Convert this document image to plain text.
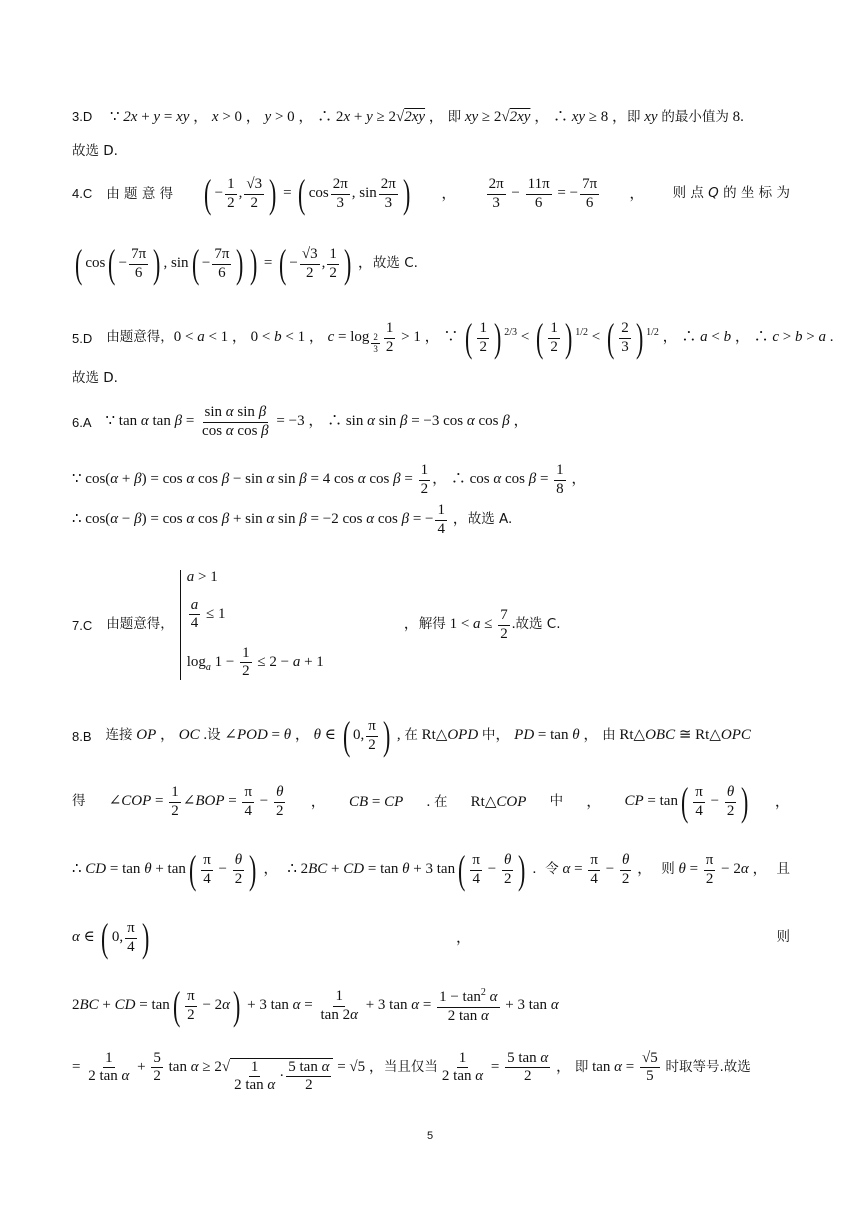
3.D ∵ 2x + y = xy ， x > 0 ， y > 0 ， ∴ 2x + y ≥ 2√2xy ， 即 xy ≥ 2√2xy ， ∴ xy ≥ 8 ，即 xy 的最小值为 8.
故选 D.
4.C 由 题 意 得 ( − $\frac{1}{2}$ , $\frac{√3}{2}$ ) = ( $\cos \frac{2\pi}{3}$ , $\sin \frac{2\pi}{3}$ ) ， $\frac{2\pi}{3} - \frac{11\pi}{6}$ = − $\frac{7\pi}{6}$ ， 则 点 Q 的 坐 标 为
( $\cos( - \frac{7\pi}{6}$ ) , $\sin( - \frac{7\pi}{6}$ ) ) = ( − $\frac{√3}{2}$ , $\frac{1}{2}$ ) ，故选 C.
5.D 由题意得，0 < a < 1 ， 0 < b < 1 ， $c = \log _{\frac{2}{3}} \frac{1}{2} > 1$ ， ∵ ( $\frac{1}{2}$ ) $^{2/3}$ < ( $\frac{1}{2}$ ) $^{1/2}$ < ( $\frac{2}{3}$ ) $^{1/2}$ ， ∴ a < b ， ∴ c > b > a .
故选 D.
6.A ∵ tan α $\tan \beta = \frac{\text{sin α sin β}}{\text{cos α cos β}} = -3$ ， ∴ sin α sin β = −3 cos α cos β ，
∵ cos(α + β) = cos α cos β − sin α sin β = 4 cos α $\cos \beta = \frac{1}{2}$ ， ∴ cos α $\cos \beta = \frac{1}{8}$ ，
∴ cos(α − β) = cos α cos β + sin α sin β = −2 cos α cos β = − $\frac{1}{4}$ ，故选 A.
7.C 由题意得，
a > 1
$\frac{a}{4} \le 1$
$\log_a 1 - \frac{1}{2} \le 2 - a + 1$
，解得 $1 < a \le \frac{7}{2}$ .故选 C.
8.B 连接 OP ， OC .设 ∠POD = θ ， θ ∈ ( 0, $\frac{\pi}{2}$ ) , 在 Rt△OPD 中， PD = tan θ ， 由 Rt△OBC ≅ Rt△OPC
得 ∠COP = $\frac{1}{2}$ ∠BOP = $\frac{\pi}{4} - \frac{\theta}{2}$ ， CB = CP . 在 Rt△COP 中 ， CP = $\tan( \frac{\pi}{4} - \frac{\theta}{2}$ ) ，
∴ CD = $\tan \theta + \tan( \frac{\pi}{4} - \frac{\theta}{2}$ ) ， ∴ 2BC + CD = tan θ + 3 $\tan( \frac{\pi}{4} - \frac{\theta}{2}$ ) . 令 $\alpha = \frac{\pi}{4} - \frac{\theta}{2}$ ， 则 $\theta = \frac{\pi}{2} - 2\alpha$ ， 且
α ∈ ( 0, $\frac{\pi}{4}$ )	，	则
2BC + CD = $\tan( \frac{\pi}{2} - 2\alpha) + 3$ $\tan \alpha = \frac{1}{\tan 2\alpha} + 3$ $\tan \alpha = \frac{1 - \tan^2 \alpha}{\text{2 tan α}} + 3$ tan α
= $\frac{1}{\text{2 tan α}} + \frac{5}{2}$ $\tan \alpha \ge 2√ \frac{1}{\text{2 tan α}} \cdot \frac{\text{5 tan α}}{2} = √5$ ，当且仅当 $\frac{1}{\text{2 tan α}} = \frac{\text{5 tan α}}{2}$ ， 即 $\tan \alpha = \frac{√5}{5}$ 时取等号.故选
5
